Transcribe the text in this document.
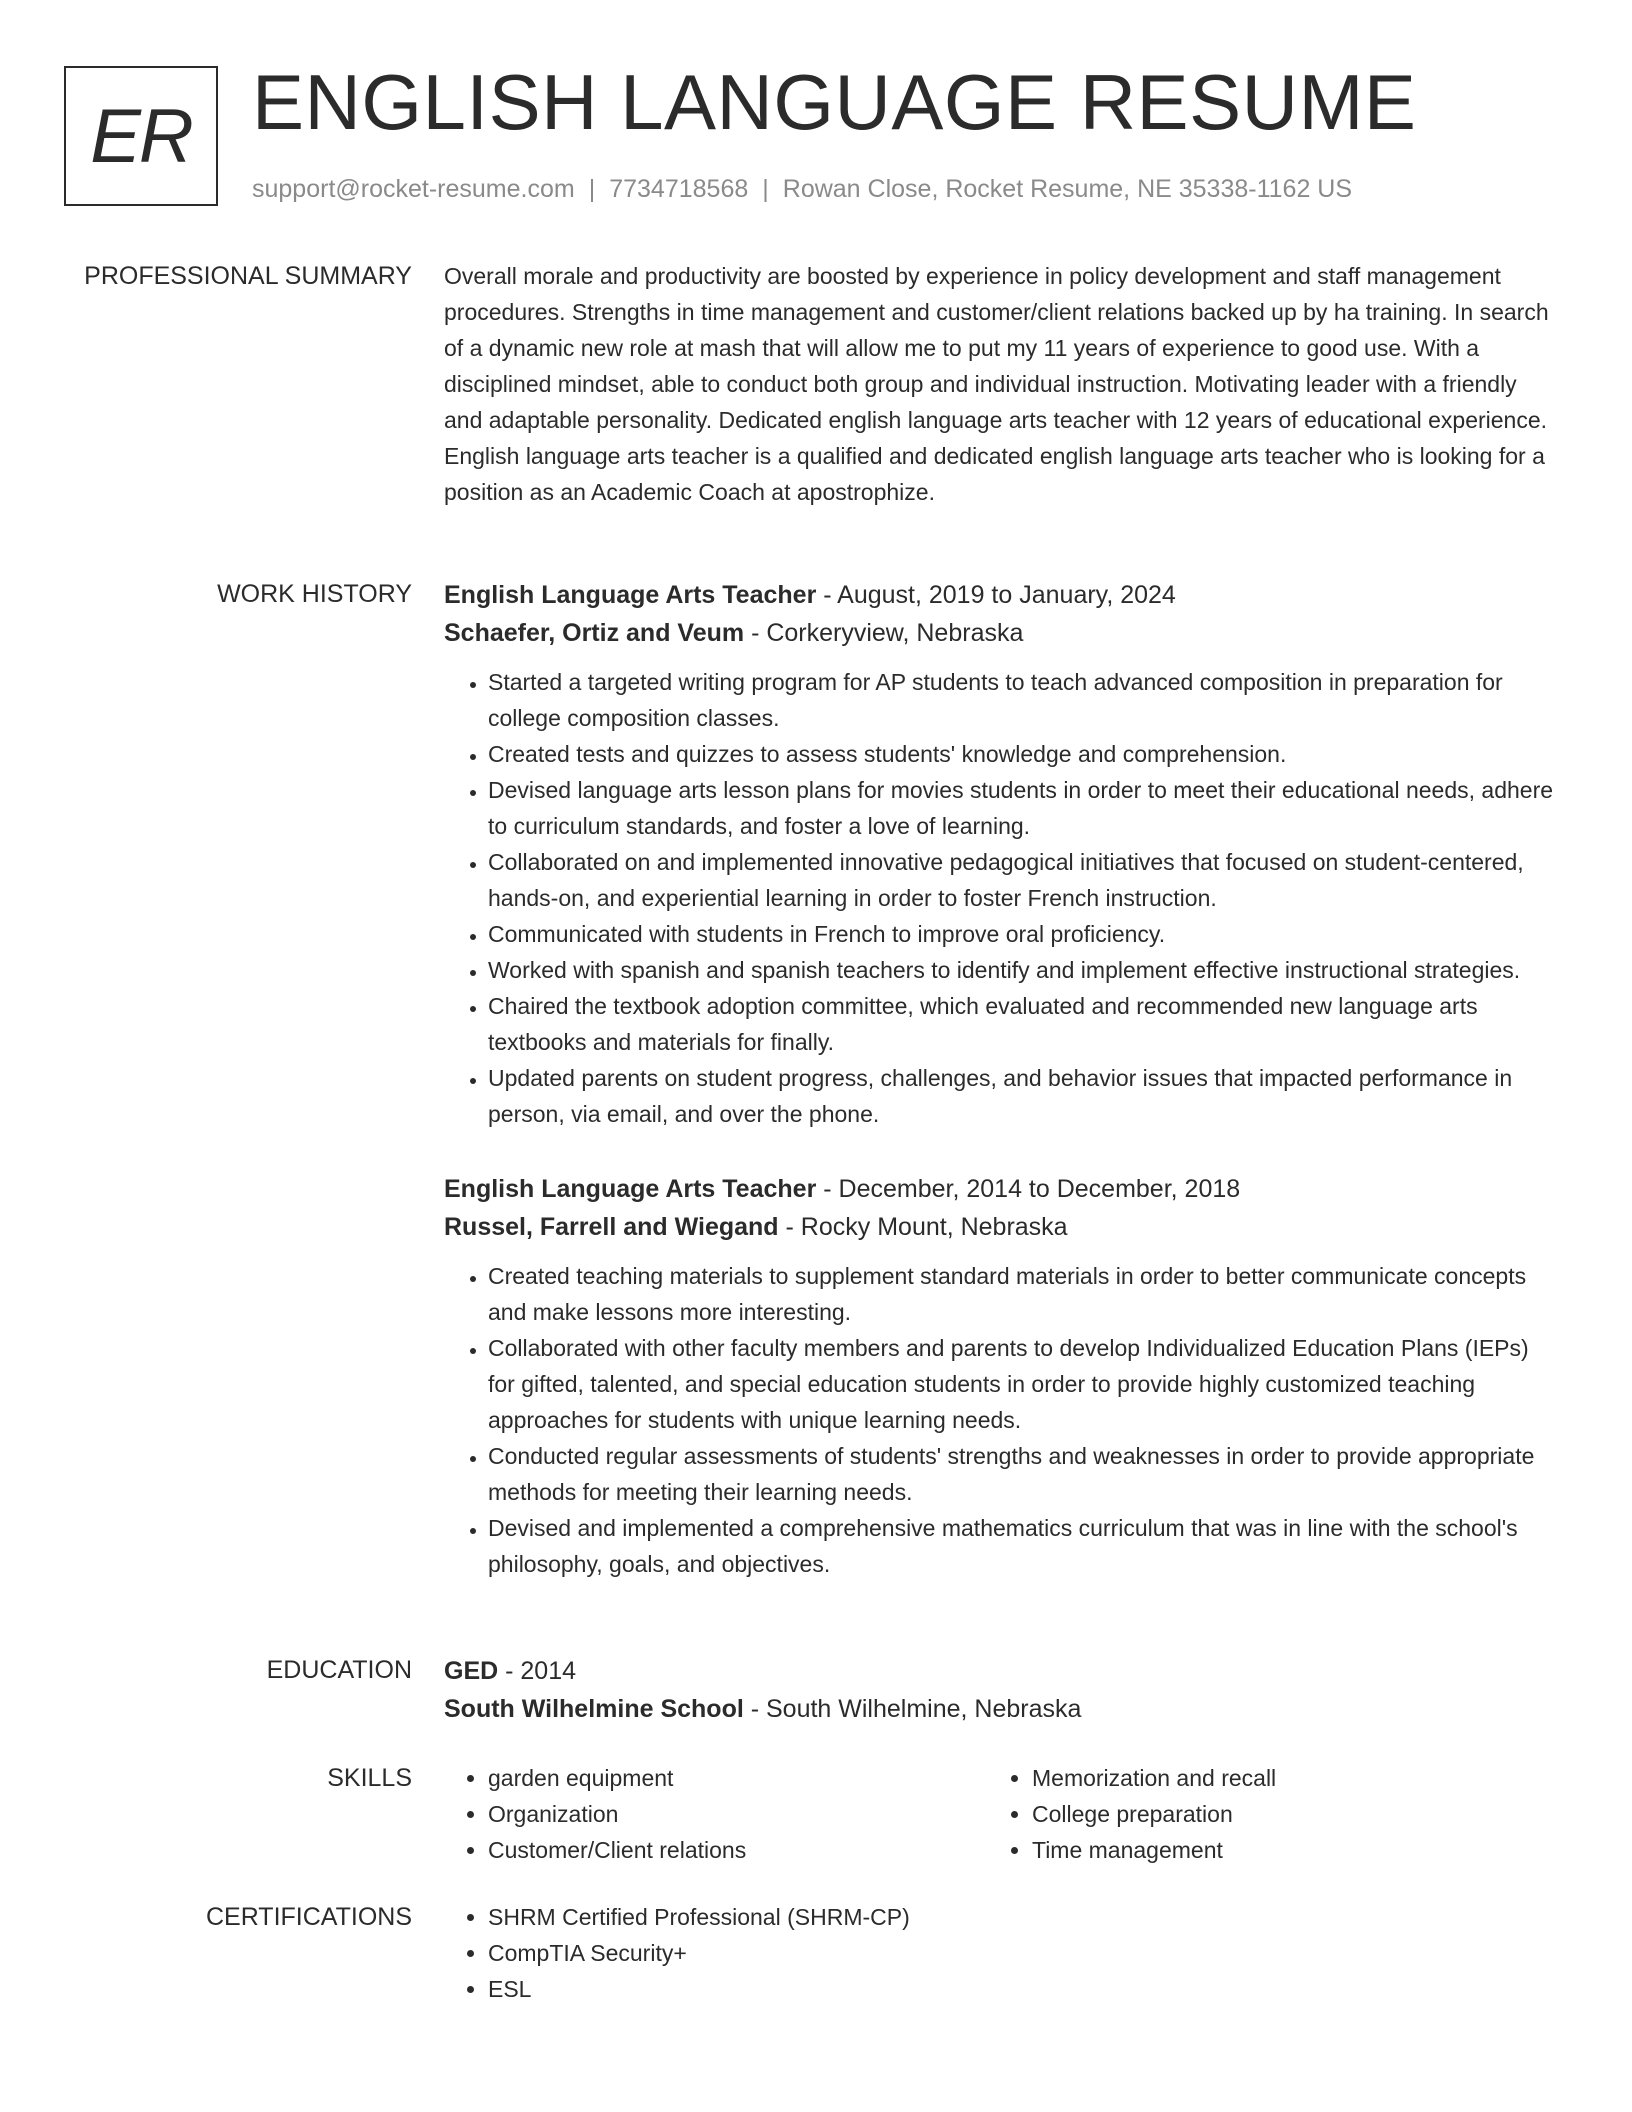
ER ENGLISH LANGUAGE RESUME
support@rocket-resume.com | 7734718568 | Rowan Close, Rocket Resume, NE 35338-1162 US
PROFESSIONAL SUMMARY Overall morale and productivity are boosted by experience in policy development and staff management procedures. Strengths in time management and customer/client relations backed up by ha training. In search of a dynamic new role at mash that will allow me to put my 11 years of experience to good use. With a disciplined mindset, able to conduct both group and individual instruction. Motivating leader with a friendly and adaptable personality. Dedicated english language arts teacher with 12 years of educational experience. English language arts teacher is a qualified and dedicated english language arts teacher who is looking for a position as an Academic Coach at apostrophize.

WORK HISTORY English Language Arts Teacher - August, 2019 to January, 2024
Schaefer, Ortiz and Veum - Corkeryview, Nebraska
• Started a targeted writing program for AP students to teach advanced composition in preparation for college composition classes.
• Created tests and quizzes to assess students' knowledge and comprehension.
• Devised language arts lesson plans for movies students in order to meet their educational needs, adhere to curriculum standards, and foster a love of learning.
• Collaborated on and implemented innovative pedagogical initiatives that focused on student-centered, hands-on, and experiential learning in order to foster French instruction.
• Communicated with students in French to improve oral proficiency.
• Worked with spanish and spanish teachers to identify and implement effective instructional strategies.
• Chaired the textbook adoption committee, which evaluated and recommended new language arts textbooks and materials for finally.
• Updated parents on student progress, challenges, and behavior issues that impacted performance in person, via email, and over the phone.
English Language Arts Teacher - December, 2014 to December, 2018
Russel, Farrell and Wiegand - Rocky Mount, Nebraska
• Created teaching materials to supplement standard materials in order to better communicate concepts and make lessons more interesting.
• Collaborated with other faculty members and parents to develop Individualized Education Plans (IEPs) for gifted, talented, and special education students in order to provide highly customized teaching approaches for students with unique learning needs.
• Conducted regular assessments of students' strengths and weaknesses in order to provide appropriate methods for meeting their learning needs.
• Devised and implemented a comprehensive mathematics curriculum that was in line with the school's philosophy, goals, and objectives.
EDUCATION GED - 2014
South Wilhelmine School - South Wilhelmine, Nebraska
SKILLS	• garden equipment
• Organization
• Customer/Client relations
• Memorization and recall
• College preparation
• Time management
CERTIFICATIONS	• SHRM Certified Professional (SHRM-CP)
• CompTIA Security+
• ESL
